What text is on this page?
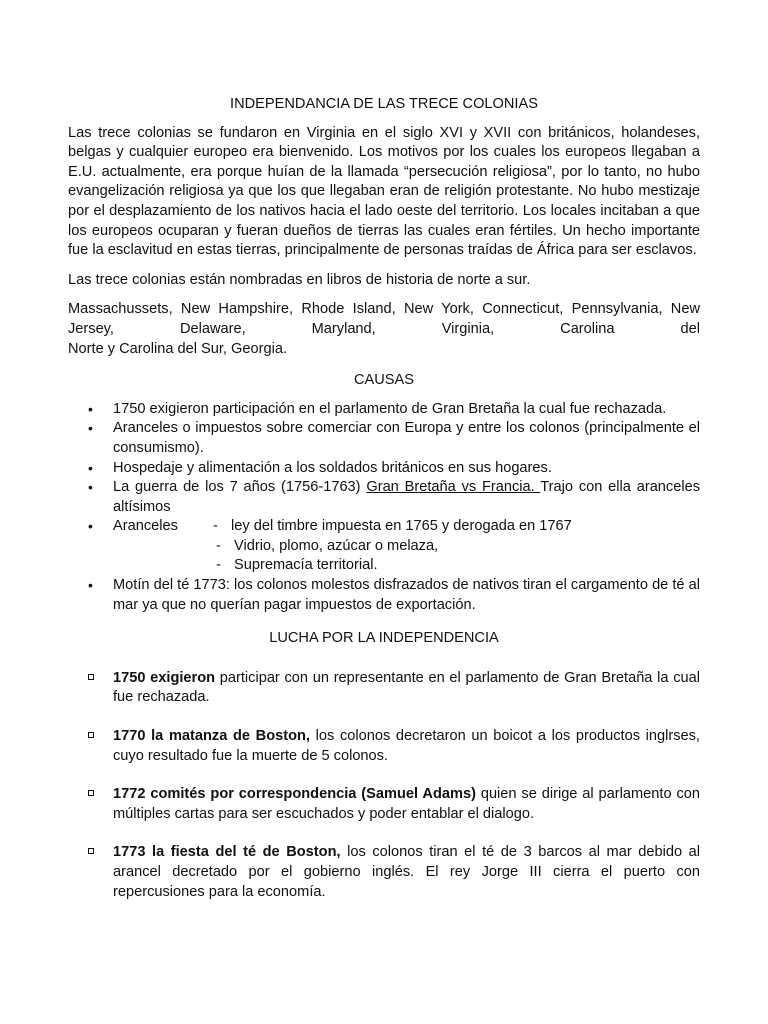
INDEPENDANCIA DE LAS TRECE COLONIAS

Las trece colonias se fundaron en Virginia en el siglo XVI y XVII con británicos, holandeses, belgas y cualquier europeo era bienvenido. Los motivos por los cuales los europeos llegaban a E.U. actualmente, era porque huían de la llamada “persecución religiosa”, por lo tanto, no hubo evangelización religiosa ya que los que llegaban eran de religión protestante. No hubo mestizaje por el desplazamiento de los nativos hacia el lado oeste del territorio. Los locales incitaban a que los europeos ocuparan y fueran dueños de tierras las cuales eran fértiles. Un hecho importante fue la esclavitud en estas tierras, principalmente de personas traídas de África para ser esclavos.

Las trece colonias están nombradas en libros de historia de norte a sur.

Massachussets, New Hampshire, Rhode Island, New York, Connecticut, Pennsylvania, New
Jersey,	Delaware,	Maryland,	Virginia,	Carolina	del
Norte y Carolina del Sur, Georgia.
CAUSAS
• 1750 exigieron participación en el parlamento de Gran Bretaña la cual fue rechazada.
• Aranceles o impuestos sobre comerciar con Europa y entre los colonos (principalmente el consumismo).
• Hospedaje y alimentación a los soldados británicos en sus hogares.
• La guerra de los 7 años (1756-1763) Gran Bretaña vs Francia. Trajo con ella aranceles altísimos
• Aranceles	- ley del timbre impuesta en 1765 y derogada en 1767
- Vidrio, plomo, azúcar o melaza,
- Supremacía territorial.
• Motín del té 1773: los colonos molestos disfrazados de nativos tiran el cargamento de té al mar ya que no querían pagar impuestos de exportación.
LUCHA POR LA INDEPENDENCIA
1750 exigieron participar con un representante en el parlamento de Gran Bretaña la cual fue rechazada.
1770 la matanza de Boston, los colonos decretaron un boicot a los productos inglrses, cuyo resultado fue la muerte de 5 colonos.
1772 comités por correspondencia (Samuel Adams) quien se dirige al parlamento con múltiples cartas para ser escuchados y poder entablar el dialogo.
1773 la fiesta del té de Boston, los colonos tiran el té de 3 barcos al mar debido al arancel decretado por el gobierno inglés. El rey Jorge III cierra el puerto con repercusiones para la economía.
